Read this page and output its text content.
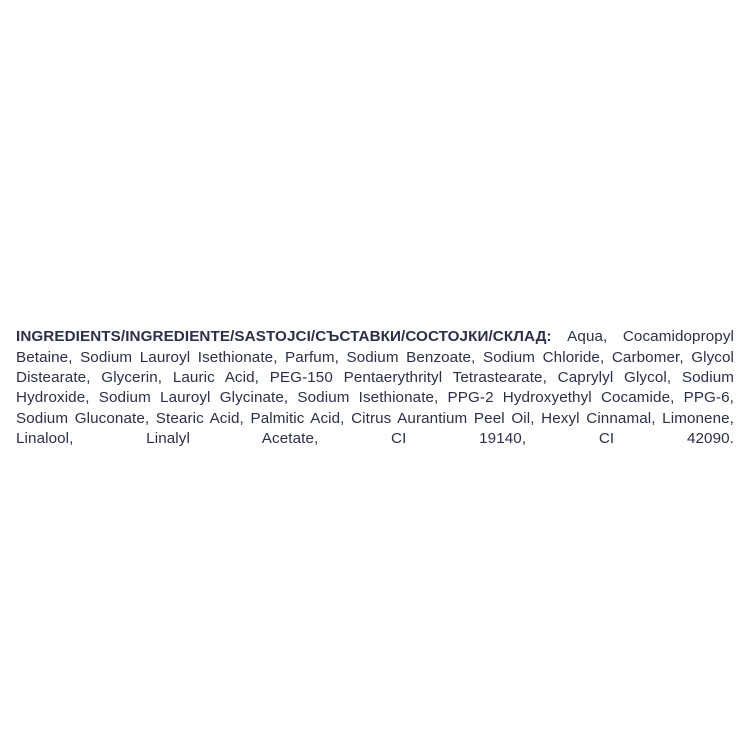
INGREDIENTS/INGREDIENTE/SASTOJCI/СЪСТАВКИ/СОСТОЈКИ/СКЛАД: Aqua, Cocamidopropyl Betaine, Sodium Lauroyl Isethionate, Parfum, Sodium Benzoate, Sodium Chloride, Carbomer, Glycol Distearate, Glycerin, Lauric Acid, PEG-150 Pentaerythrityl Tetrastearate, Caprylyl Glycol, Sodium Hydroxide, Sodium Lauroyl Glycinate, Sodium Isethionate, PPG-2 Hydroxyethyl Cocamide, PPG-6, Sodium Gluconate, Stearic Acid, Palmitic Acid, Citrus Aurantium Peel Oil, Hexyl Cinnamal, Limonene, Linalool, Linalyl Acetate, CI 19140, CI 42090.
